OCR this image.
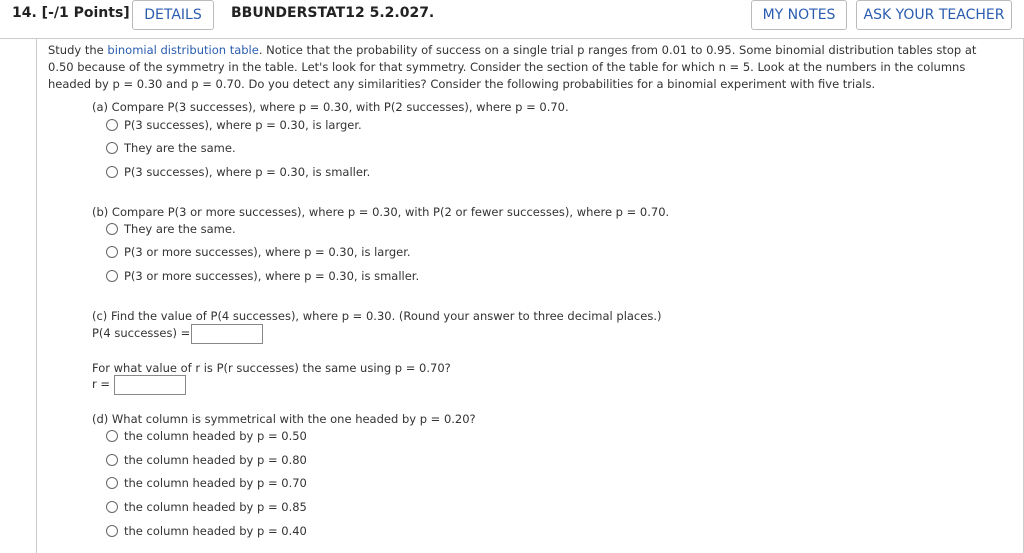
14. [-/1 Points]	DETAILS	BBUNDERSTAT12 5.2.027.	MY NOTES	ASK YOUR TEACHER
Study the binomial distribution table. Notice that the probability of success on a single trial p ranges from 0.01 to 0.95. Some binomial distribution tables stop at 0.50 because of the symmetry in the table. Let's look for that symmetry. Consider the section of the table for which n = 5. Look at the numbers in the columns headed by p = 0.30 and p = 0.70. Do you detect any similarities? Consider the following probabilities for a binomial experiment with five trials.
(a) Compare P(3 successes), where p = 0.30, with P(2 successes), where p = 0.70.
P(3 successes), where p = 0.30, is larger.
They are the same.
P(3 successes), where p = 0.30, is smaller.
(b) Compare P(3 or more successes), where p = 0.30, with P(2 or fewer successes), where p = 0.70.
They are the same.
P(3 or more successes), where p = 0.30, is larger.
P(3 or more successes), where p = 0.30, is smaller.
(c) Find the value of P(4 successes), where p = 0.30. (Round your answer to three decimal places.)
P(4 successes) =
For what value of r is P(r successes) the same using p = 0.70?
r =
(d) What column is symmetrical with the one headed by p = 0.20?
the column headed by p = 0.50
the column headed by p = 0.80
the column headed by p = 0.70
the column headed by p = 0.85
the column headed by p = 0.40
